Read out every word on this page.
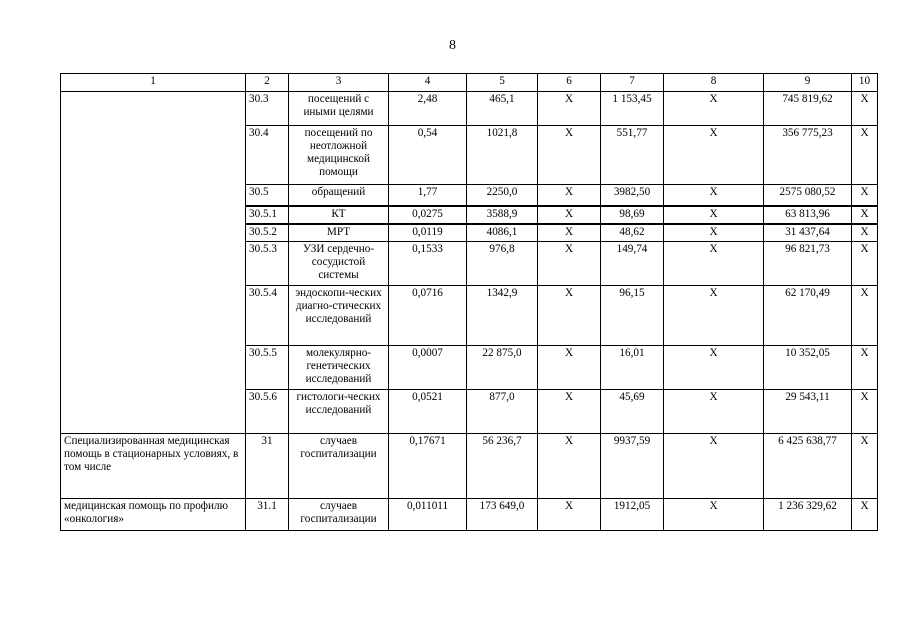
8
1	2	3	4	5	6	7	8	9	10
	30.3	посещений с иными целями	2,48	465,1	Х	1 153,45	Х	745 819,62	Х
	30.4	посещений по неотложной медицинской помощи	0,54	1021,8	Х	551,77	Х	356 775,23	Х
	30.5	обращений	1,77	2250,0	Х	3982,50	Х	2575 080,52	Х
	30.5.1	КТ	0,0275	3588,9	Х	98,69	Х	63 813,96	Х
	30.5.2	МРТ	0,0119	4086,1	Х	48,62	Х	31 437,64	Х
	30.5.3	УЗИ сердечно-сосудистой системы	0,1533	976,8	Х	149,74	Х	96 821,73	Х
	30.5.4	эндоскопи-ческих диагно-стических исследований	0,0716	1342,9	Х	96,15	Х	62 170,49	Х
	30.5.5	молекулярно-генетических исследований	0,0007	22 875,0	Х	16,01	Х	10 352,05	Х
	30.5.6	гистологи-ческих исследований	0,0521	877,0	Х	45,69	Х	29 543,11	Х
Специализированная медицинская помощь в стационарных условиях, в том числе	31	случаев госпитализации	0,17671	56 236,7	Х	9937,59	Х	6 425 638,77	Х
медицинская помощь по профилю «онкология»	31.1	случаев госпитализации	0,011011	173 649,0	Х	1912,05	Х	1 236 329,62	Х
